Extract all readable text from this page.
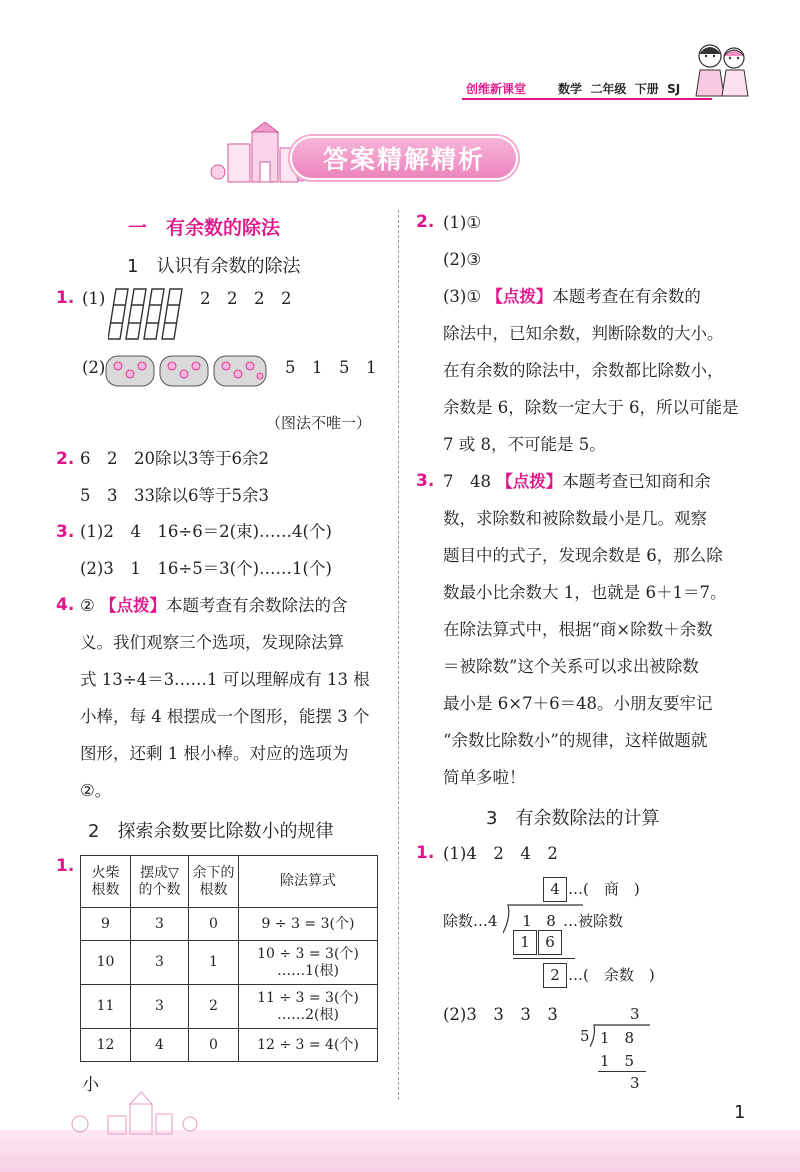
创维新课堂	数学  二年级  下册  SJ
答案精解精析
一　有余数的除法
1　认识有余数的除法
1. (1)	2　2　2　2
(2)	5　1　5　1
（图法不唯一）
2. 6　2　20除以3等于6余2
5　3　33除以6等于5余3
3. (1)2　4　16÷6＝2(束)……4(个)
(2)3　1　16÷5＝3(个)……1(个)
4. ② 【点拨】本题考查有余数除法的含
义。我们观察三个选项，发现除法算
式 13÷4＝3……1 可以理解成有 13 根
小棒，每 4 根摆成一个图形，能摆 3 个
图形，还剩 1 根小棒。对应的选项为
②。
2　探索余数要比除数小的规律
1. 火柴根数	摆成▽的个数	余下的根数	除法算式
9	3	0	9 ÷ 3 = 3(个)
10	3	1	10 ÷ 3 = 3(个)
……1(根)

11	3	2	11 ÷ 3 = 3(个)
……2(根)

12	4	0	12 ÷ 3 = 4(个)
小
2. (1)①
(2)③
(3)① 【点拨】本题考查在有余数的
除法中，已知余数，判断除数的大小。
在有余数的除法中，余数都比除数小，
余数是 6，除数一定大于 6，所以可能是
7 或 8，不可能是 5。
3. 7　48 【点拨】本题考查已知商和余
数，求除数和被除数最小是几。观察
题目中的式子，发现余数是 6，那么除
数最小比余数大 1，也就是 6＋1＝7。
在除法算式中，根据“商×除数＋余数
＝被除数”这个关系可以求出被除数
最小是 6×7＋6＝48。小朋友要牢记
“余数比除数小”的规律，这样做题就
简单多啦！
3　有余数除法的计算
1. (1)4　2　4　2
4 …(　商　)
除数…4	1 8 …被除数
1 6
2 …(　余数　)
(2)3　3　3　3	3
5 1　8
1　5
3
1
